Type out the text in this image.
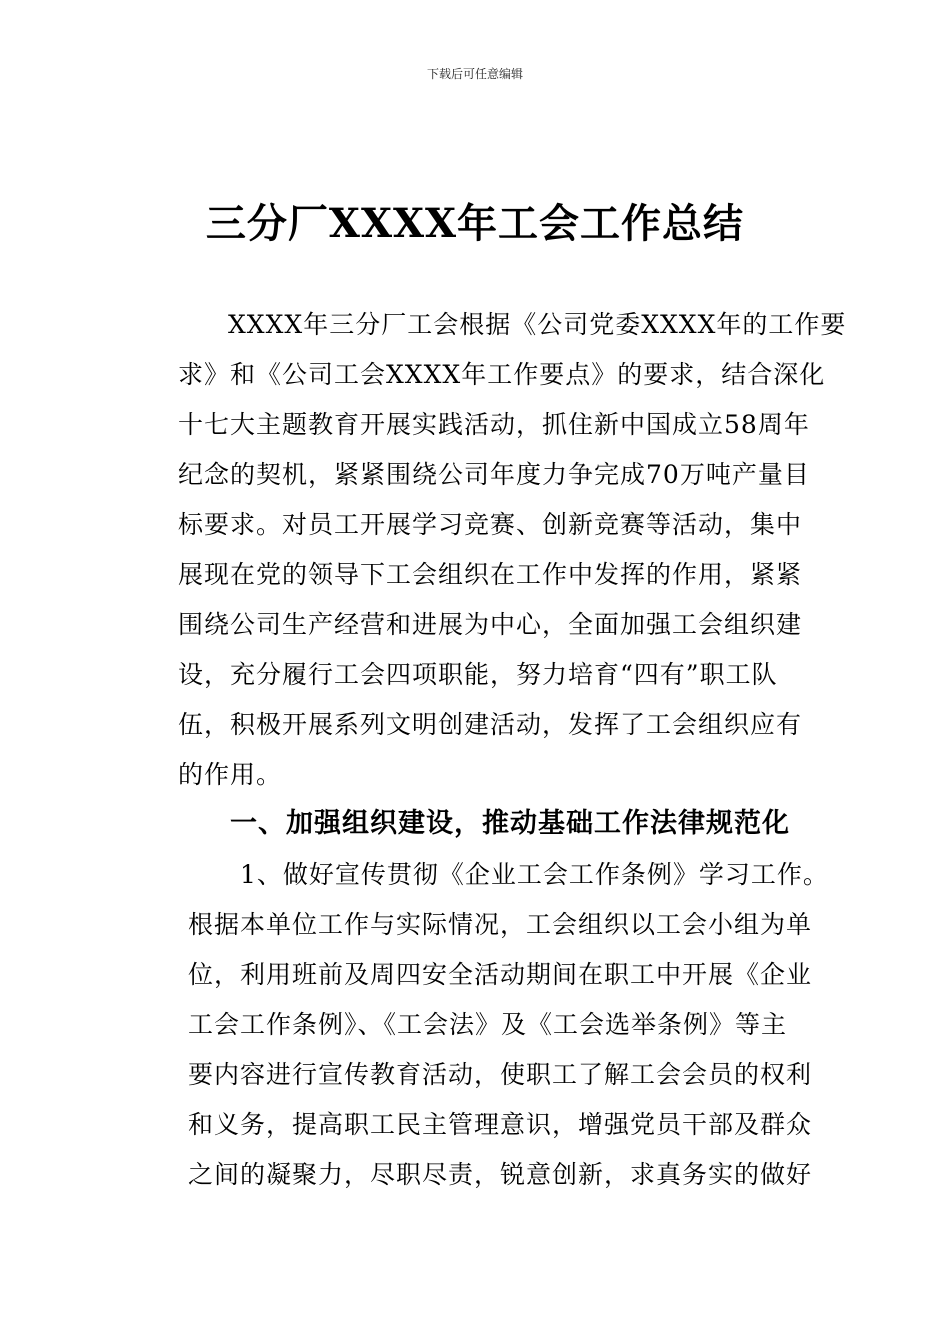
下载后可任意编辑
三分厂XXXX年工会工作总结
XXXX年三分厂工会根据《公司党委XXXX年的工作要
求》和《公司工会XXXX年工作要点》的要求，结合深化
十七大主题教育开展实践活动，抓住新中国成立58周年
纪念的契机，紧紧围绕公司年度力争完成70万吨产量目
标要求。对员工开展学习竞赛、创新竞赛等活动，集中
展现在党的领导下工会组织在工作中发挥的作用，紧紧
围绕公司生产经营和进展为中心，全面加强工会组织建
设，充分履行工会四项职能，努力培育“四有”职工队
伍，积极开展系列文明创建活动，发挥了工会组织应有
的作用。
一、加强组织建设，推动基础工作法律规范化
1、做好宣传贯彻《企业工会工作条例》学习工作。
根据本单位工作与实际情况，工会组织以工会小组为单
位，利用班前及周四安全活动期间在职工中开展《企业
工会工作条例》、《工会法》及《工会选举条例》等主
要内容进行宣传教育活动，使职工了解工会会员的权利
和义务，提高职工民主管理意识，增强党员干部及群众
之间的凝聚力，尽职尽责，锐意创新，求真务实的做好
